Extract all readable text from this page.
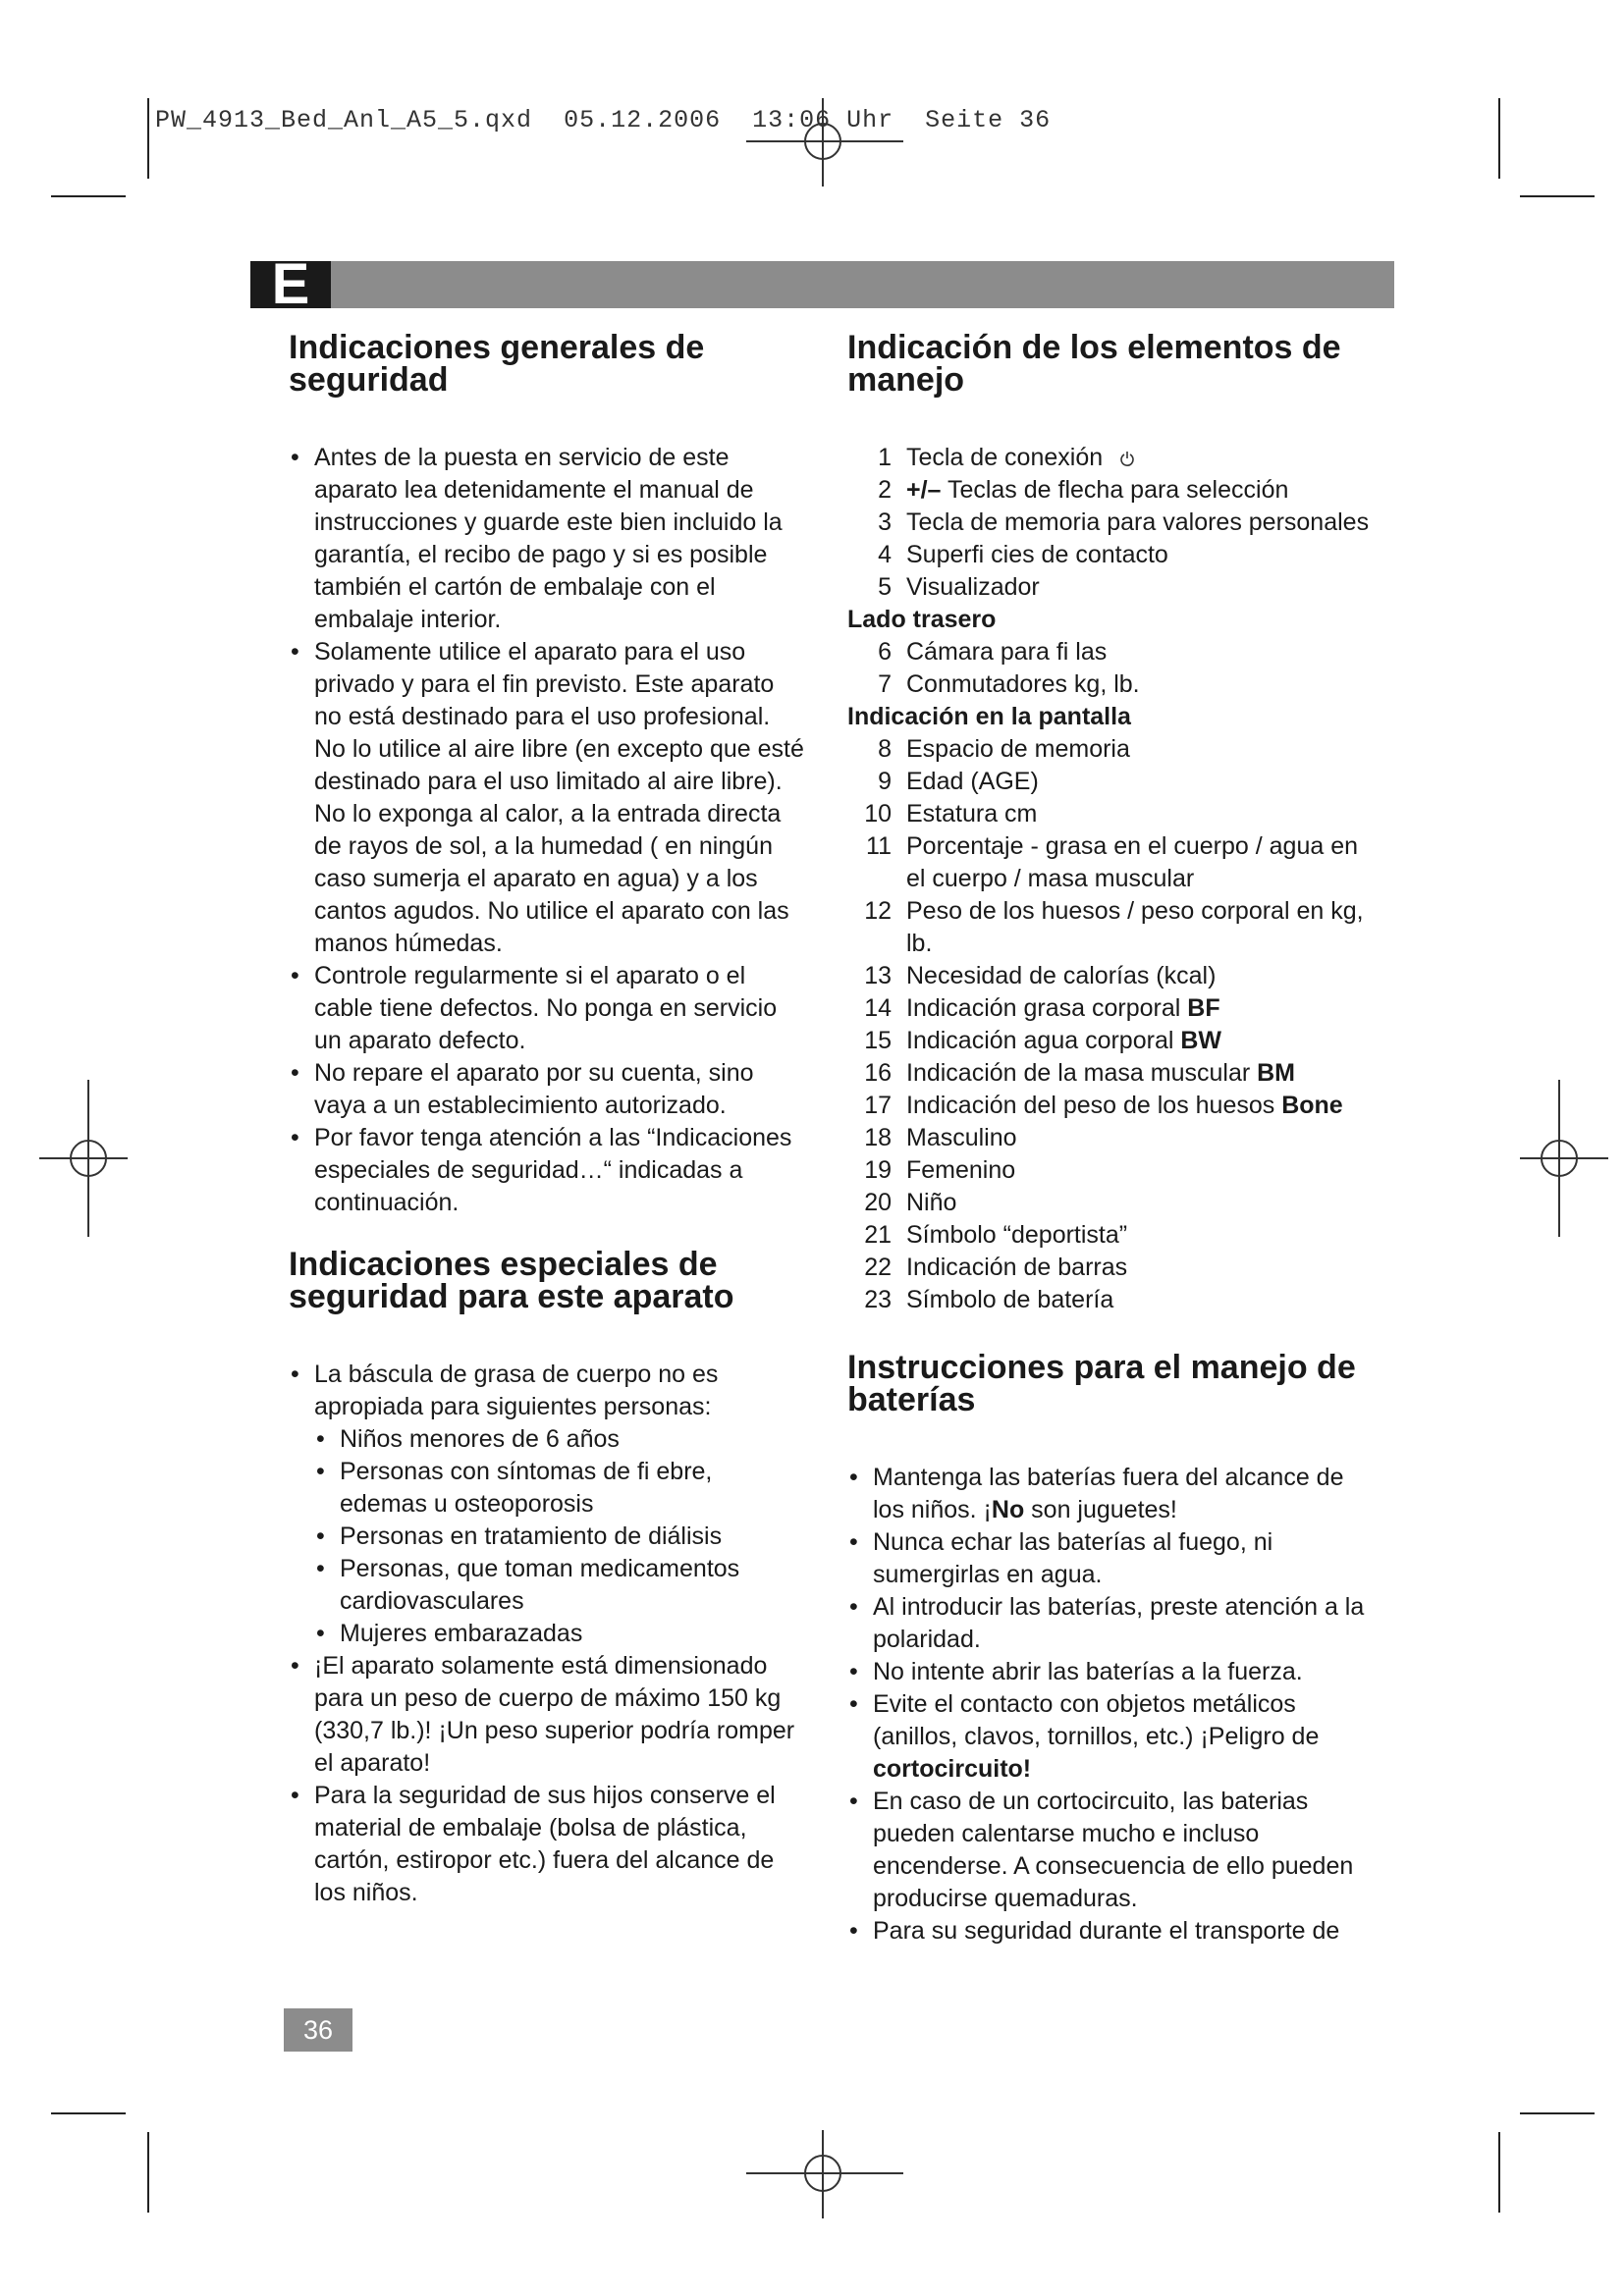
PW_4913_Bed_Anl_A5_5.qxd  05.12.2006  13:06 Uhr  Seite 36
E
Indicaciones generales de seguridad
• Antes de la puesta en servicio de este aparato lea detenidamente el manual de instrucciones y guarde este bien incluido la garantía, el recibo de pago y si es posible también el cartón de embalaje con el embalaje interior.
• Solamente utilice el aparato para el uso privado y para el fin previsto. Este aparato no está destinado para el uso profesional. No lo utilice al aire libre (en excepto que esté destinado para el uso limitado al aire libre). No lo exponga al calor, a la entrada directa de rayos de sol, a la humedad ( en ningún caso sumerja el aparato en agua) y a los cantos agudos. No utilice el aparato con las manos húmedas.
• Controle regularmente si el aparato o el cable tiene defectos. No ponga en servicio un aparato defecto.
• No repare el aparato por su cuenta, sino vaya a un establecimiento autorizado.
• Por favor tenga atención a las “Indicaciones especiales de seguridad…“ indicadas a continuación.
Indicaciones especiales de seguridad para este aparato
• La báscula de grasa de cuerpo no es apropiada para siguientes personas:
• Niños menores de 6 años
• Personas con síntomas de fi ebre, edemas u osteoporosis
• Personas en tratamiento de diálisis
• Personas, que toman medicamentos cardiovasculares
• Mujeres embarazadas
• ¡El aparato solamente está dimensionado para un peso de cuerpo de máximo 150 kg (330,7 lb.)! ¡Un peso superior podría romper el aparato!
• Para la seguridad de sus hijos conserve el material de embalaje (bolsa de plástica, cartón, estiropor etc.) fuera del alcance de los niños.
Indicación de los elementos de manejo
1 Tecla de conexión
2 +/– Teclas de flecha para selección
3 Tecla de memoria para valores personales
4 Superfi cies de contacto
5 Visualizador
Lado trasero
6 Cámara para fi las
7 Conmutadores kg, lb.
Indicación en la pantalla
8 Espacio de memoria
9 Edad (AGE)
10 Estatura cm
11 Porcentaje - grasa en el cuerpo / agua en el cuerpo / masa muscular
12 Peso de los huesos / peso corporal en kg, lb.
13 Necesidad de calorías (kcal)
14 Indicación grasa corporal BF
15 Indicación agua corporal BW
16 Indicación de la masa muscular BM
17 Indicación del peso de los huesos Bone
18 Masculino
19 Femenino
20 Niño
21 Símbolo “deportista”
22 Indicación de barras
23 Símbolo de batería
Instrucciones para el manejo de baterías
• Mantenga las baterías fuera del alcance de los niños. ¡No son juguetes!
• Nunca echar las baterías al fuego, ni sumergirlas en agua.
• Al introducir las baterías, preste atención a la polaridad.
• No intente abrir las baterías a la fuerza.
• Evite el contacto con objetos metálicos (anillos, clavos, tornillos, etc.) ¡Peligro de cortocircuito!
• En caso de un cortocircuito, las baterias pueden calentarse mucho e incluso encenderse. A consecuencia de ello pueden producirse quemaduras.
• Para su seguridad durante el transporte de
36
